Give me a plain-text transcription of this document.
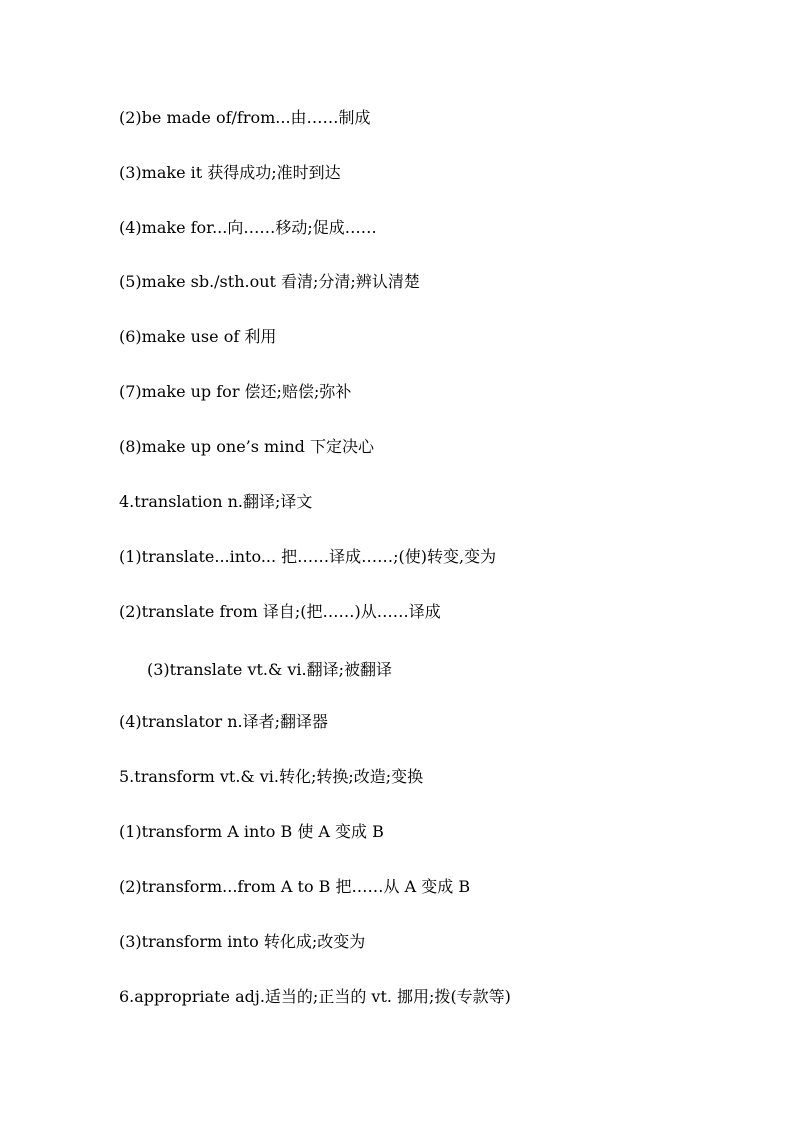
(2)be made of/from...由……制成
(3)make it 获得成功;准时到达
(4)make for...向……移动;促成……
(5)make sb./sth.out 看清;分清;辨认清楚
(6)make use of 利用
(7)make up for 偿还;赔偿;弥补
(8)make up one’s mind 下定决心
4.translation n.翻译;译文
(1)translate...into... 把……译成……;(使)转变,变为
(2)translate from 译自;(把……)从……译成
(3)translate vt.& vi.翻译;被翻译
(4)translator n.译者;翻译器
5.transform vt.& vi.转化;转换;改造;变换
(1)transform A into B 使 A 变成 B
(2)transform...from A to B 把……从 A 变成 B
(3)transform into 转化成;改变为
6.appropriate adj.适当的;正当的 vt. 挪用;拨(专款等)
